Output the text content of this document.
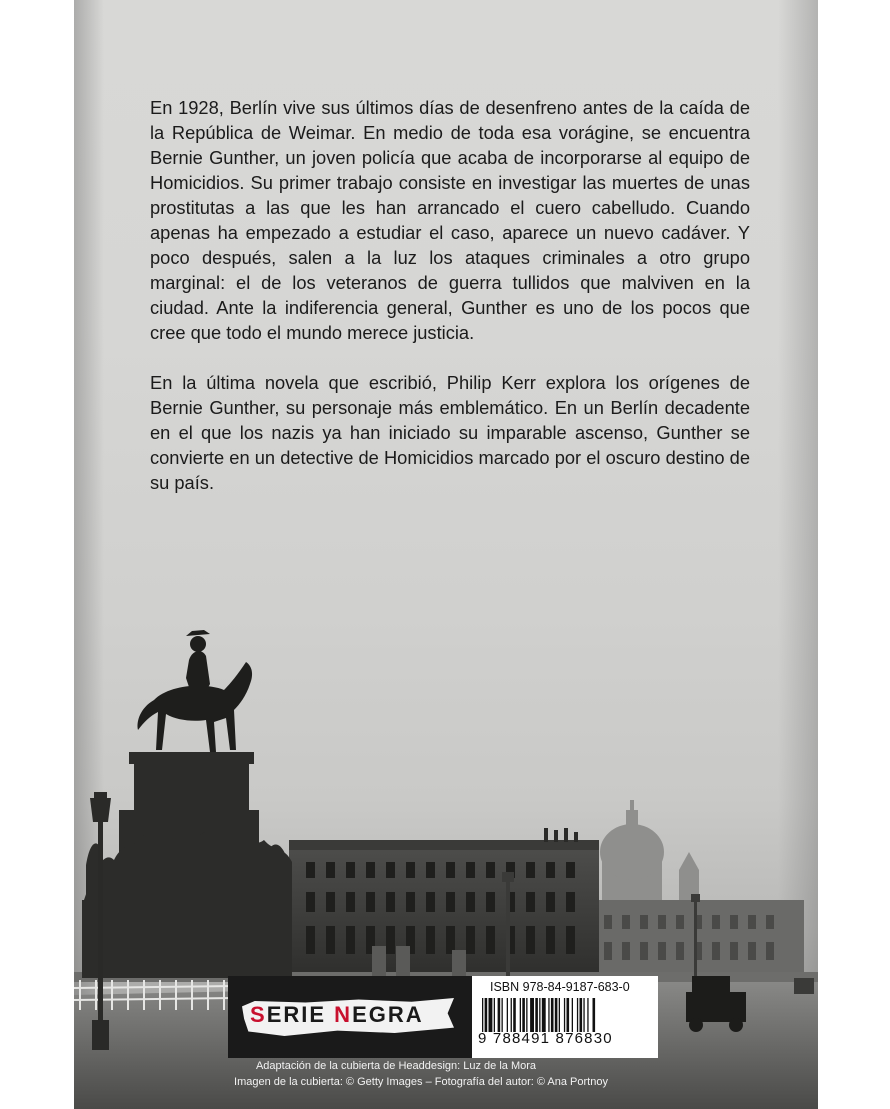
En 1928, Berlín vive sus últimos días de desenfreno antes de la caída de la República de Weimar. En medio de toda esa vorágine, se encuentra Bernie Gunther, un joven policía que acaba de incorporarse al equipo de Homicidios. Su primer trabajo consiste en investigar las muertes de unas prostitutas a las que les han arrancado el cuero cabelludo. Cuando apenas ha empezado a estudiar el caso, aparece un nuevo cadáver. Y poco después, salen a la luz los ataques criminales a otro grupo marginal: el de los veteranos de guerra tullidos que malviven en la ciudad. Ante la indiferencia general, Gunther es uno de los pocos que cree que todo el mundo merece justicia.

En la última novela que escribió, Philip Kerr explora los orígenes de Bernie Gunther, su personaje más emblemático. En un Berlín decadente en el que los nazis ya han iniciado su imparable ascenso, Gunther se convierte en un detective de Homicidios marcado por el oscuro destino de su país.

SERIE NEGRA
ISBN 978-84-9187-683-0
9 788491 876830
Adaptación de la cubierta de Headdesign: Luz de la Mora
Imagen de la cubierta: © Getty Images – Fotografía del autor: © Ana Portnoy
